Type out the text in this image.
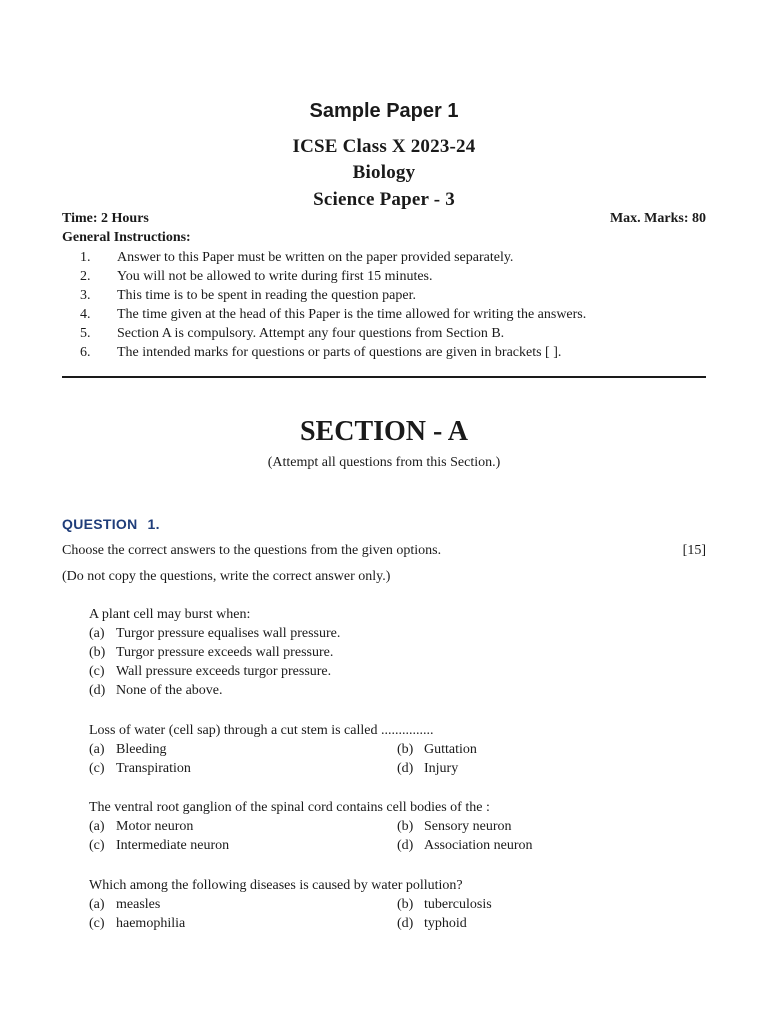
Sample Paper 1
ICSE Class X 2023-24
Biology
Science Paper - 3
Time: 2 Hours	Max. Marks: 80
General Instructions:
1.	Answer to this Paper must be written on the paper provided separately.
2.	You will not be allowed to write during first 15 minutes.
3.	This time is to be spent in reading the question paper.
4.	The time given at the head of this Paper is the time allowed for writing the answers.
5.	Section A is compulsory. Attempt any four questions from Section B.
6.	The intended marks for questions or parts of questions are given in brackets [ ].
SECTION - A
(Attempt all questions from this Section.)
QUESTION 1.
Choose the correct answers to the questions from the given options.	[15]
(Do not copy the questions, write the correct answer only.)
A plant cell may burst when:
(a) Turgor pressure equalises wall pressure.
(b) Turgor pressure exceeds wall pressure.
(c) Wall pressure exceeds turgor pressure.
(d) None of the above.
Loss of water (cell sap) through a cut stem is called ...............
(a) Bleeding	(b) Guttation
(c) Transpiration	(d) Injury
The ventral root ganglion of the spinal cord contains cell bodies of the :
(a) Motor neuron	(b) Sensory neuron
(c) Intermediate neuron	(d) Association neuron
Which among the following diseases is caused by water pollution?
(a) measles	(b) tuberculosis
(c) haemophilia	(d) typhoid
